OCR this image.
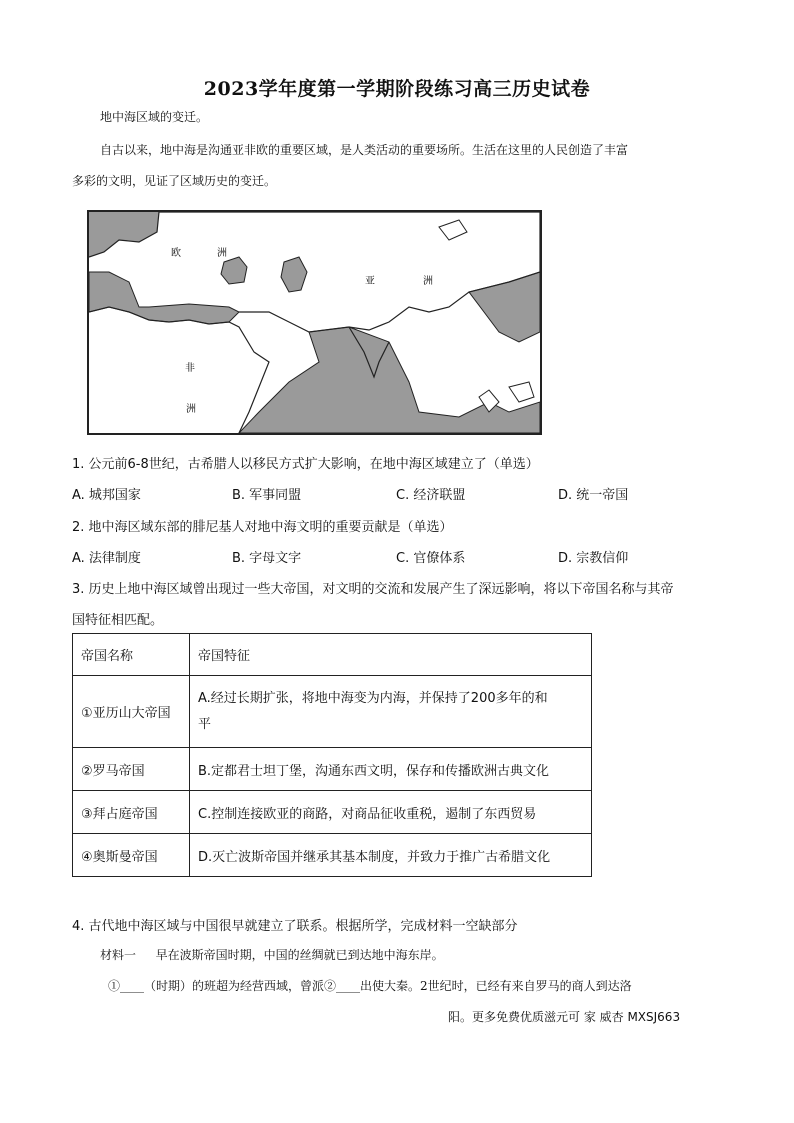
2023学年度第一学期阶段练习高三历史试卷
地中海区域的变迁。
自古以来，地中海是沟通亚非欧的重要区域，是人类活动的重要场所。生活在这里的人民创造了丰富
多彩的文明，见证了区域历史的变迁。
欧	洲
亚	洲
非
洲
1. 公元前6-8世纪，古希腊人以移民方式扩大影响，在地中海区域建立了（单选）
A. 城邦国家	B. 军事同盟	C. 经济联盟	D. 统一帝国
2. 地中海区域东部的腓尼基人对地中海文明的重要贡献是（单选）
A. 法律制度	B. 字母文字	C. 官僚体系	D. 宗教信仰
3. 历史上地中海区域曾出现过一些大帝国，对文明的交流和发展产生了深远影响，将以下帝国名称与其帝
国特征相匹配。
帝国名称	帝国特征
①亚历山大帝国	A.经过长期扩张，将地中海变为内海，并保持了200多年的和
平

②罗马帝国	B.定都君士坦丁堡，沟通东西文明，保存和传播欧洲古典文化
③拜占庭帝国	C.控制连接欧亚的商路，对商品征收重税，遏制了东西贸易
④奥斯曼帝国	D.灭亡波斯帝国并继承其基本制度，并致力于推广古希腊文化
4. 古代地中海区域与中国很早就建立了联系。根据所学，完成材料一空缺部分
材料一 早在波斯帝国时期，中国的丝绸就已到达地中海东岸。
①____（时期）的班超为经营西域，曾派②____出使大秦。2世纪时，已经有来自罗马的商人到达洛
阳。更多免费优质滋元可 家 威杏 MXSJ663
